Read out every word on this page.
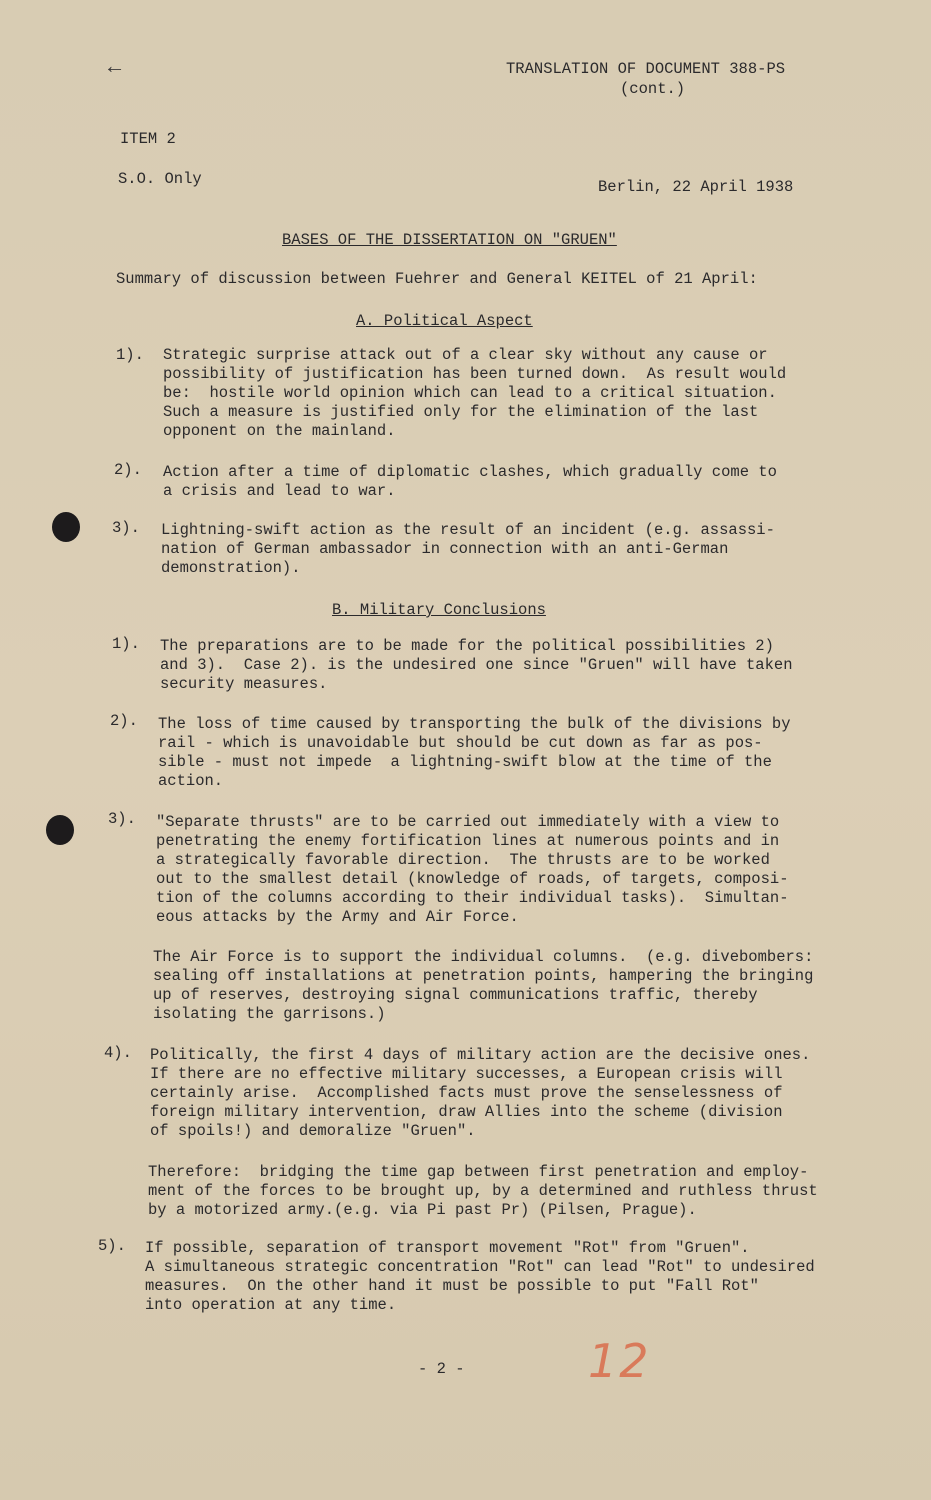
←	TRANSLATION OF DOCUMENT 388-PS
(cont.)
ITEM 2
S.O. Only	Berlin, 22 April 1938
BASES OF THE DISSERTATION ON "GRUEN"
Summary of discussion between Fuehrer and General KEITEL of 21 April:
A. Political Aspect
1). Strategic surprise attack out of a clear sky without any cause or
possibility of justification has been turned down.  As result would
be:  hostile world opinion which can lead to a critical situation.
Such a measure is justified only for the elimination of the last
opponent on the mainland.
2). Action after a time of diplomatic clashes, which gradually come to
a crisis and lead to war.
3). Lightning-swift action as the result of an incident (e.g. assassi-
nation of German ambassador in connection with an anti-German
demonstration).
B. Military Conclusions
1). The preparations are to be made for the political possibilities 2)
and 3).  Case 2). is the undesired one since "Gruen" will have taken
security measures.
2). The loss of time caused by transporting the bulk of the divisions by
rail - which is unavoidable but should be cut down as far as pos-
sible - must not impede  a lightning-swift blow at the time of the
action.
3). "Separate thrusts" are to be carried out immediately with a view to
penetrating the enemy fortification lines at numerous points and in
a strategically favorable direction.  The thrusts are to be worked
out to the smallest detail (knowledge of roads, of targets, composi-
tion of the columns according to their individual tasks).  Simultan-
eous attacks by the Army and Air Force.
The Air Force is to support the individual columns.  (e.g. divebombers:
sealing off installations at penetration points, hampering the bringing
up of reserves, destroying signal communications traffic, thereby
isolating the garrisons.)
4). Politically, the first 4 days of military action are the decisive ones.
If there are no effective military successes, a European crisis will
certainly arise.  Accomplished facts must prove the senselessness of
foreign military intervention, draw Allies into the scheme (division
of spoils!) and demoralize "Gruen".
Therefore:  bridging the time gap between first penetration and employ-
ment of the forces to be brought up, by a determined and ruthless thrust
by a motorized army.(e.g. via Pi past Pr) (Pilsen, Prague).
5). If possible, separation of transport movement "Rot" from "Gruen".
A simultaneous strategic concentration "Rot" can lead "Rot" to undesired
measures.  On the other hand it must be possible to put "Fall Rot"
into operation at any time.
- 2 -	12
